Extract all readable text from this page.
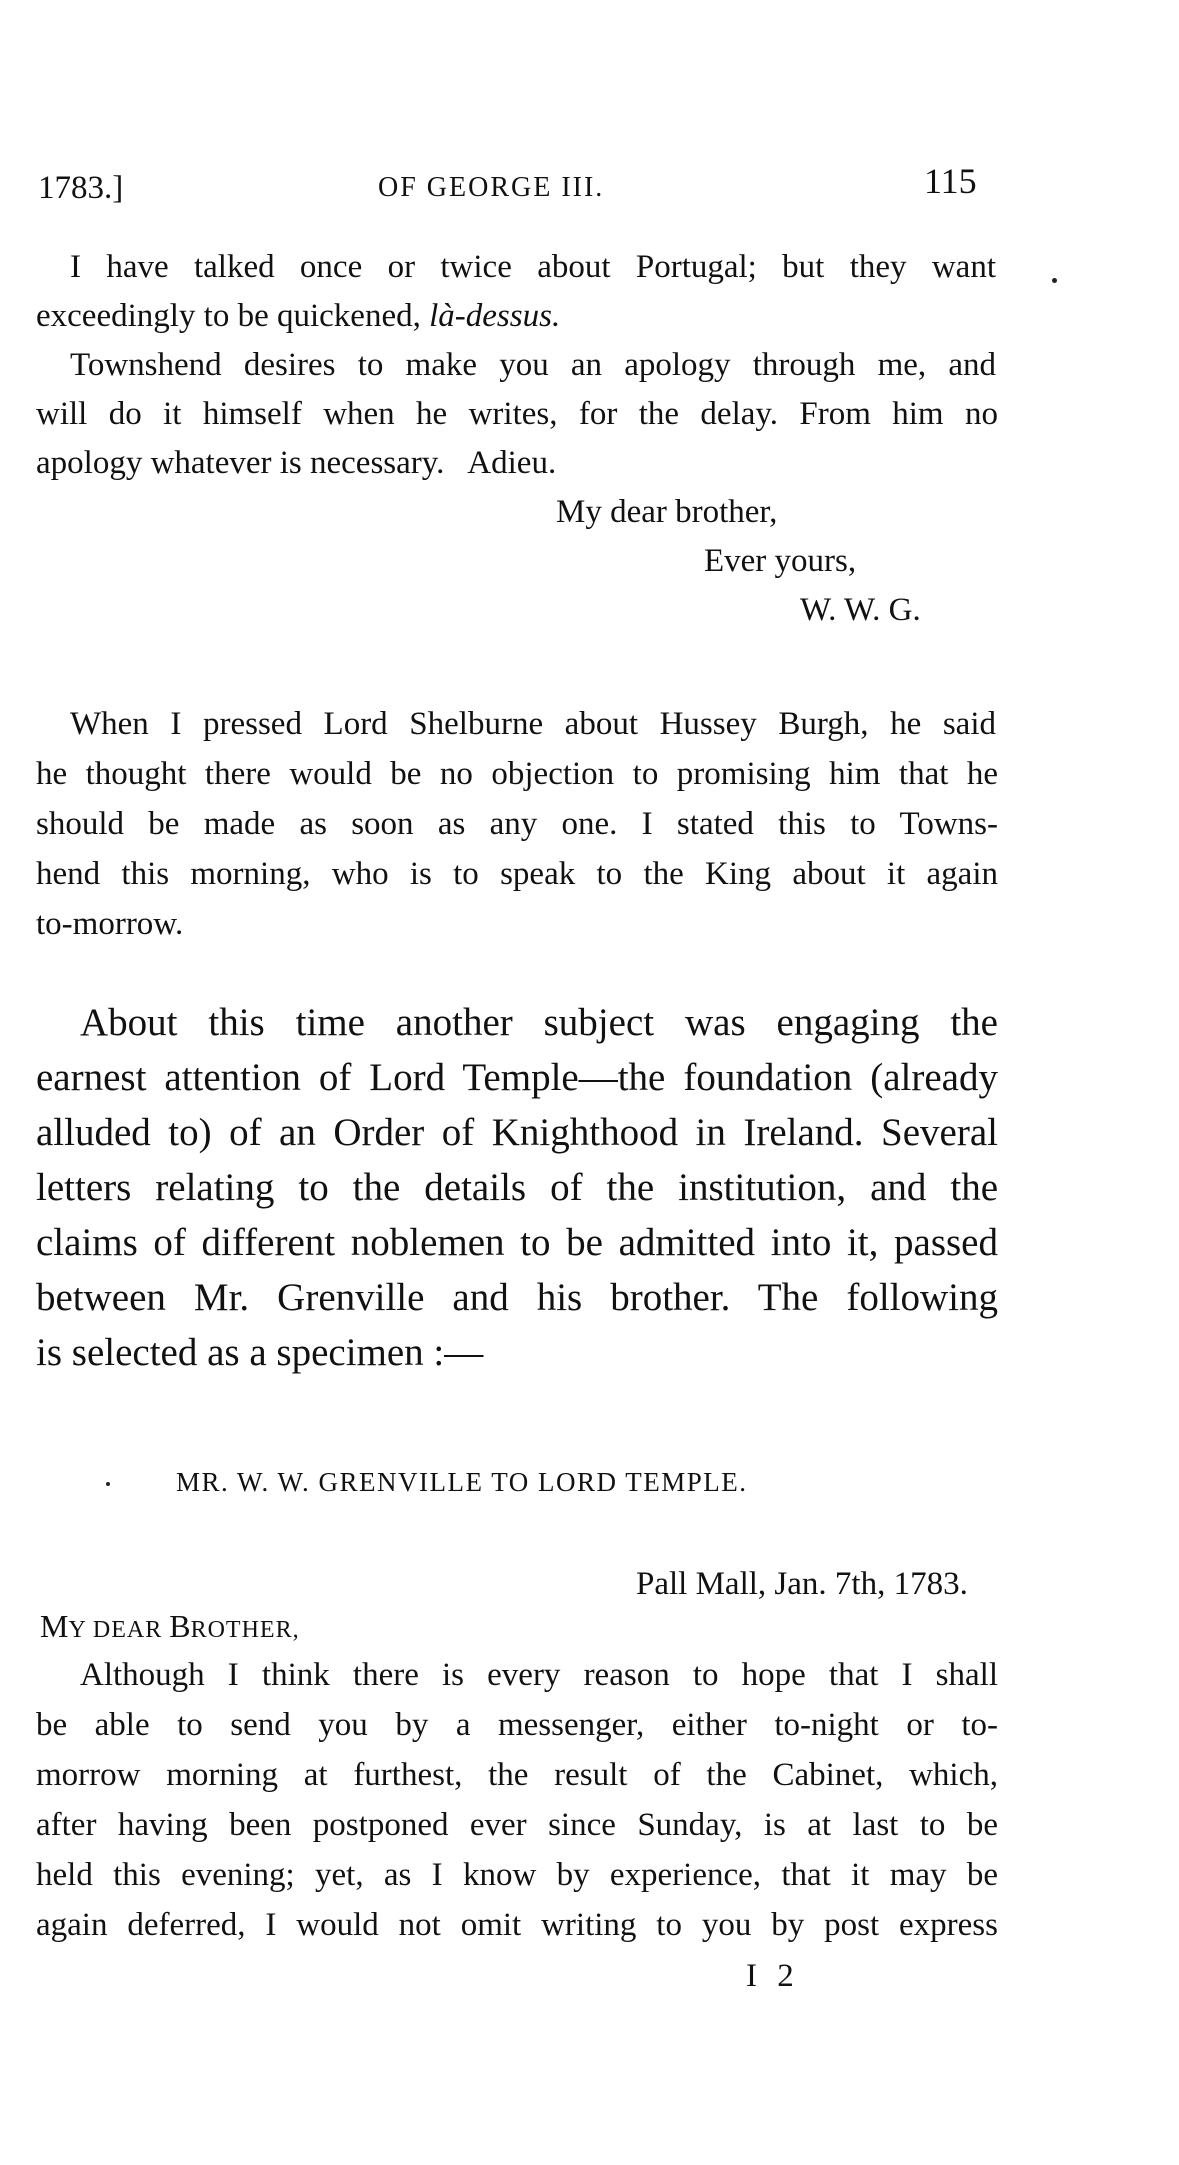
1783.]	OF GEORGE III.	115
I have talked once or twice about Portugal; but they want
exceedingly to be quickened, là-dessus.
Townshend desires to make you an apology through me, and
will do it himself when he writes, for the delay. From him no
apology whatever is necessary.   Adieu.
My dear brother,
Ever yours,
W. W. G.
When I pressed Lord Shelburne about Hussey Burgh, he said
he thought there would be no objection to promising him that he
should be made as soon as any one. I stated this to Towns-
hend this morning, who is to speak to the King about it again
to-morrow.
About this time another subject was engaging the
earnest attention of Lord Temple—the foundation (already
alluded to) of an Order of Knighthood in Ireland. Several
letters relating to the details of the institution, and the
claims of different noblemen to be admitted into it, passed
between Mr. Grenville and his brother. The following
is selected as a specimen :—
MR. W. W. GRENVILLE TO LORD TEMPLE.
Pall Mall, Jan. 7th, 1783.
MY DEAR BROTHER,
Although I think there is every reason to hope that I shall
be able to send you by a messenger, either to-night or to-
morrow morning at furthest, the result of the Cabinet, which,
after having been postponed ever since Sunday, is at last to be
held this evening; yet, as I know by experience, that it may be
again deferred, I would not omit writing to you by post express
I 2
